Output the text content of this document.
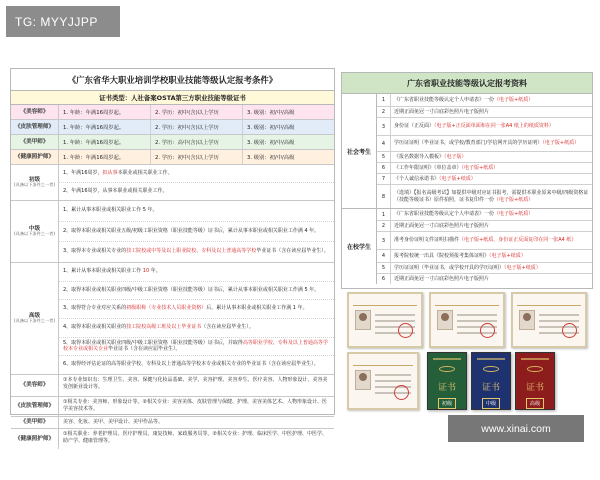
TG: MYYJJPP
《广东省华大职业培训学校职业技能等级认定报考条件》
证书类型：人社备案OSTA第三方职业技能等级证书
《美容师》	1. 年龄：年满16周岁起。	2. 学历：初中(含)以上学历	3. 级别：初/中/高级
《皮肤管理师》	1. 年龄：年满16周岁起。	2. 学历：初中(含)以上学历	3. 级别：初/中/高级
《美甲师》	1. 年龄：年满16周岁起。	2. 学历：高中(含)以上学历	3. 级别：初/中/高级
《健康照护师》	1. 年龄：年满16周岁起。	2. 学历：初中(含)以上学历	3. 级别：初/中/高级
初级
(具备以下条件之一者)
1、年满16周岁，拟从事本职业或相关职业工作。
2、年满16周岁，从事本职业或相关职业工作。
中级
(具备以下条件之一者)
1、累计从事本职业或相关职业工作 5 年。
2、取得本职业或相关职业五级/初级工职业资格（职业技能等级）证书后，累计从事本职业或相关职业工作满 4 年。
3、取得本专业或相关专业的技工院校或中等及以上职业院校、专科及以上普通高等学校毕业证书（含在读应届毕业生）。
高级
(具备以下条件之一者)
1、累计从事本职业或相关职业工作 10 年。
2、取得本职业或相关职业四级/中级工职业资格（职业技能等级）证书后，累计从事本职业或相关职业工作满 5 年。
3、取得符合专业对应关系的初级职称（专业技术人员职业资格）后，累计从事本职业或相关职业工作满 1 年。
4、取得本职业或相关职业的技工院校高级工班及以上毕业证书（含在读应届毕业生）。
5、取得本职业或相关职业四级/中级工职业资格（职业技能等级）证书后，并取得高等职业学校、专科及以上普通高等学校本专业或相关专业毕业证书（含在读应届毕业生）。
6、取得经评估论证的高等职业学校、专科及以上普通高等学校本专业或相关专业的毕业证书（含在读应届毕业生）。
《美容师》
①本专业知识有：生理卫生、美容、保健与化妆品基础、美学、美容护理、美容养生、医疗美容、人物形象设计、美容美发创新业设计等。
《皮肤管理师》
①相关专业：美容师、形象设计等。②相关专业：美容美体、皮肤管理与保健、护理、美容美体艺术、人物形象设计、医学美容技术等。
《美甲师》	美容、化妆、美甲、美甲设计、美甲作品等。
《健康照护师》
①相关职业：养老护理员、医疗护理员、康复技师、家政服务员等。②相关专业：护理、临床医学、中医护理、中医学、助产学、健康管理等。
广东省职业技能等级认定报考资料
社会考生
1	《广东省职业技能等级认定个人申请表》一份（电子版+纸质）
2	近期正面免冠一寸白底彩色照片电子版照片
3	身份证（正反面）（电子版+正反面单面和在同一张A4 纸上的纸质资料）
4	学历证证明（毕业证书，或学校/教育部门/学信网开具的学历证明）（电子版+纸质）
5	《报名数据导入模板》（电子版）
6	《工作年限证明》（单位盖章）（电子版+纸质）
7	《个人诚信承诺书》（电子版+纸质）
8
（选填）【报名高级考试】如提供中级对应证书报考，需提供本职业原来中级/四级资格证（技能等级证书）原件拍照，证书复印件一份（电子版+纸质）
在校学生
1	《广东省职业技能等级认定个人申请表》一份（电子版+纸质）
2	近期正面免冠一寸白底彩色照片电子版照片
3	准考身份证明文件证明扫描件（电子版+纸质，身份证正反面复印在同一张A4 纸）
4	报考院校统一出具《院校预报考集体证明》（电子版+纸质）
5	学历证证明（毕业证书，或学校开具的学历证明）（电子版+纸质）
6	近期正面免冠一寸白底彩色照片电子版照片
证书
初级
证书
中级
证书
高级
www.xinai.com
